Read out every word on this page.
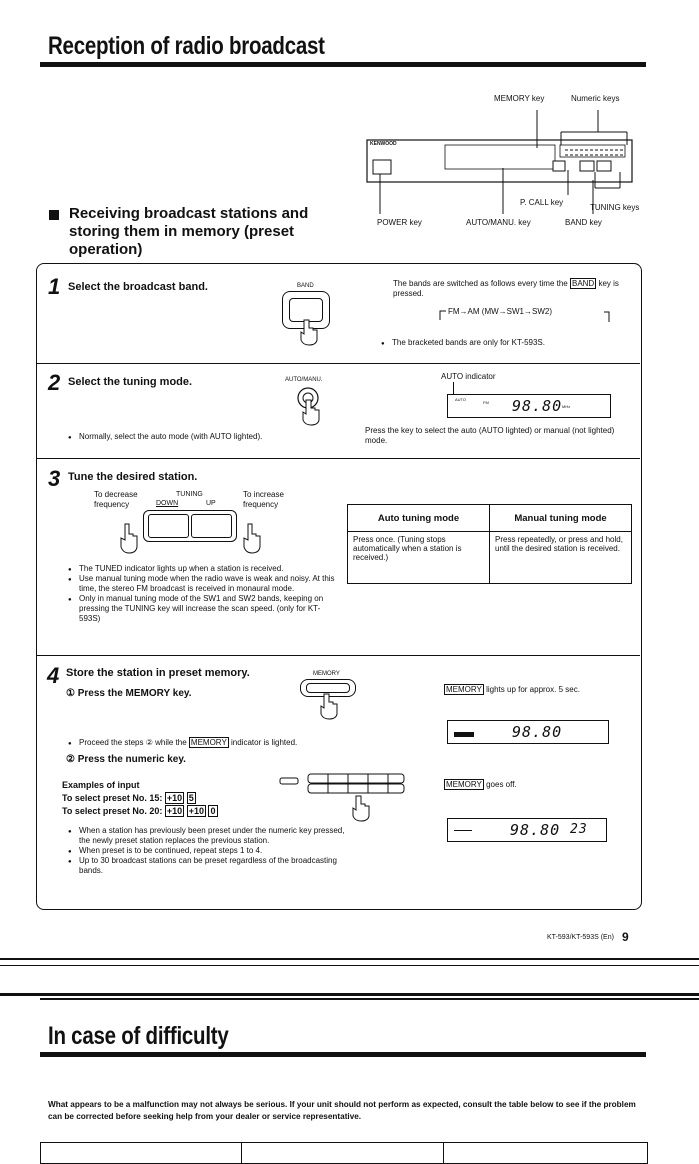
Reception of radio broadcast
MEMORY key	Numeric keys
KENWOOD
P. CALL key
TUNING keys
POWER key	AUTO/MANU. key	BAND key
Receiving broadcast stations and storing them in memory (preset operation)
1 Select the broadcast band.	BAND	The bands are switched as follows every time the BAND key is pressed.
FM→AM (MW→SW1→SW2)
● The bracketed bands are only for KT-593S.
2 Select the tuning mode.	AUTO/MANU.	AUTO indicator
AUTO
FM 98.80 MHz
● Normally, select the auto mode (with AUTO lighted).
Press the key to select the auto (AUTO lighted) or manual (not lighted) mode.
3 Tune the desired station.
To decrease frequency
TUNING	To increase frequency
DOWN	UP
● The TUNED indicator lights up when a station is received.
● Use manual tuning mode when the radio wave is weak and noisy. At this time, the stereo FM broadcast is received in monaural mode.
● Only in manual tuning mode of the SW1 and SW2 bands, keeping on pressing the TUNING key will increase the scan speed. (only for KT-593S)
Auto tuning mode	Manual tuning mode
Press once. (Tuning stops automatically when a station is received.)	Press repeatedly, or press and hold, until the desired station is received.
4 Store the station in preset memory.
① Press the MEMORY key.
MEMORY
MEMORY lights up for approx. 5 sec.
98.80
● Proceed the steps ② while the MEMORY indicator is lighted.
② Press the numeric key.
Examples of input
To select preset No. 15: +10 5
To select preset No. 20: +10 +10 0
MEMORY goes off.
98.80 23
● When a station has previously been preset under the numeric key pressed, the newly preset station replaces the previous station.
● When preset is to be continued, repeat steps 1 to 4.
● Up to 30 broadcast stations can be preset regardless of the broadcasting bands.
KT-593/KT-593S (En) 9
In case of difficulty
What appears to be a malfunction may not always be serious. If your unit should not perform as expected, consult the table below to see if the problem can be corrected before seeking help from your dealer or service representative.
